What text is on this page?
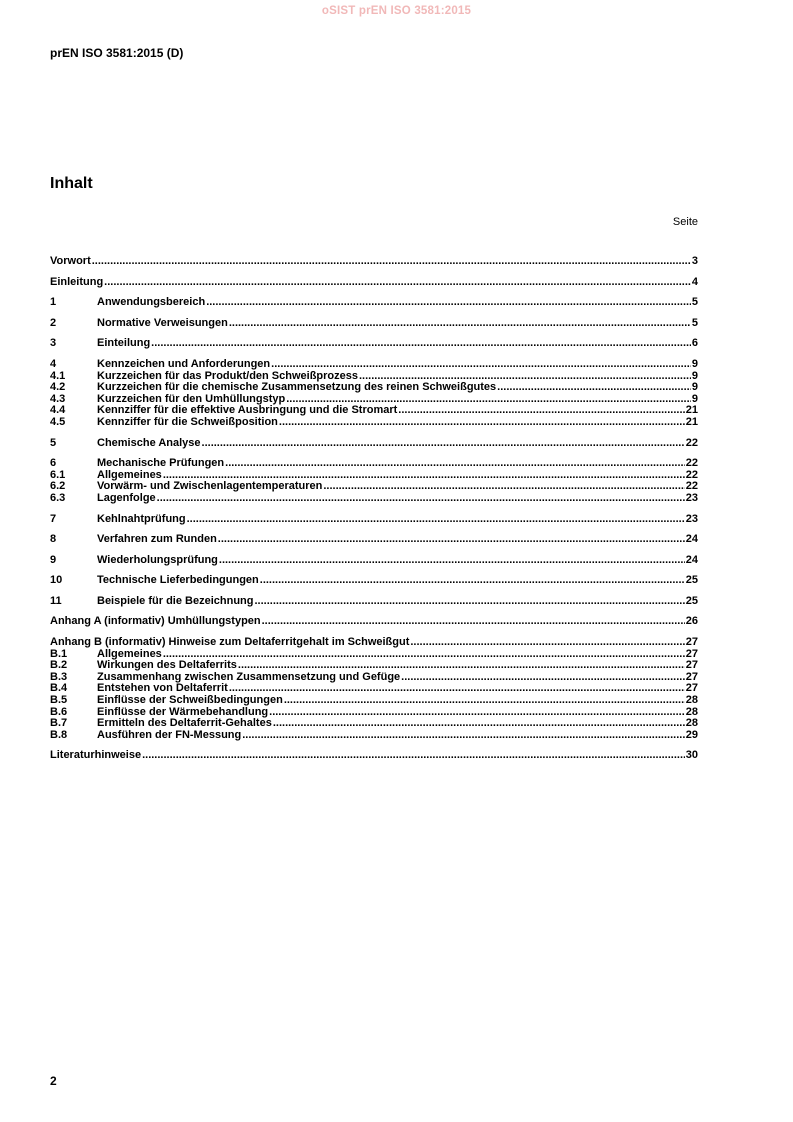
oSIST prEN ISO 3581:2015
prEN ISO 3581:2015 (D)
Inhalt
Seite
Vorwort .....	3
Einleitung .....	4
1	Anwendungsbereich .....	5
2	Normative Verweisungen .....	5
3	Einteilung .....	6
4	Kennzeichen und Anforderungen .....	9
4.1	Kurzzeichen für das Produkt/den Schweißprozess .....	9
4.2	Kurzzeichen für die chemische Zusammensetzung des reinen Schweißgutes .....	9
4.3	Kurzzeichen für den Umhüllungstyp .....	9
4.4	Kennziffer für die effektive Ausbringung und die Stromart .....	21
4.5	Kennziffer für die Schweißposition .....	21
5	Chemische Analyse .....	22
6	Mechanische Prüfungen .....	22
6.1	Allgemeines .....	22
6.2	Vorwärm- und Zwischenlagentemperaturen .....	22
6.3	Lagenfolge .....	23
7	Kehlnahtprüfung .....	23
8	Verfahren zum Runden .....	24
9	Wiederholungsprüfung .....	24
10	Technische Lieferbedingungen .....	25
11	Beispiele für die Bezeichnung .....	25
Anhang A (informativ) Umhüllungstypen .....	26
Anhang B (informativ) Hinweise zum Deltaferritgehalt im Schweißgut .....	27
B.1	Allgemeines .....	27
B.2	Wirkungen des Deltaferrits .....	27
B.3	Zusammenhang zwischen Zusammensetzung und Gefüge .....	27
B.4	Entstehen von Deltaferrit .....	27
B.5	Einflüsse der Schweißbedingungen .....	28
B.6	Einflüsse der Wärmebehandlung .....	28
B.7	Ermitteln des Deltaferrit-Gehaltes .....	28
B.8	Ausführen der FN-Messung .....	29
Literaturhinweise .....	30
2
